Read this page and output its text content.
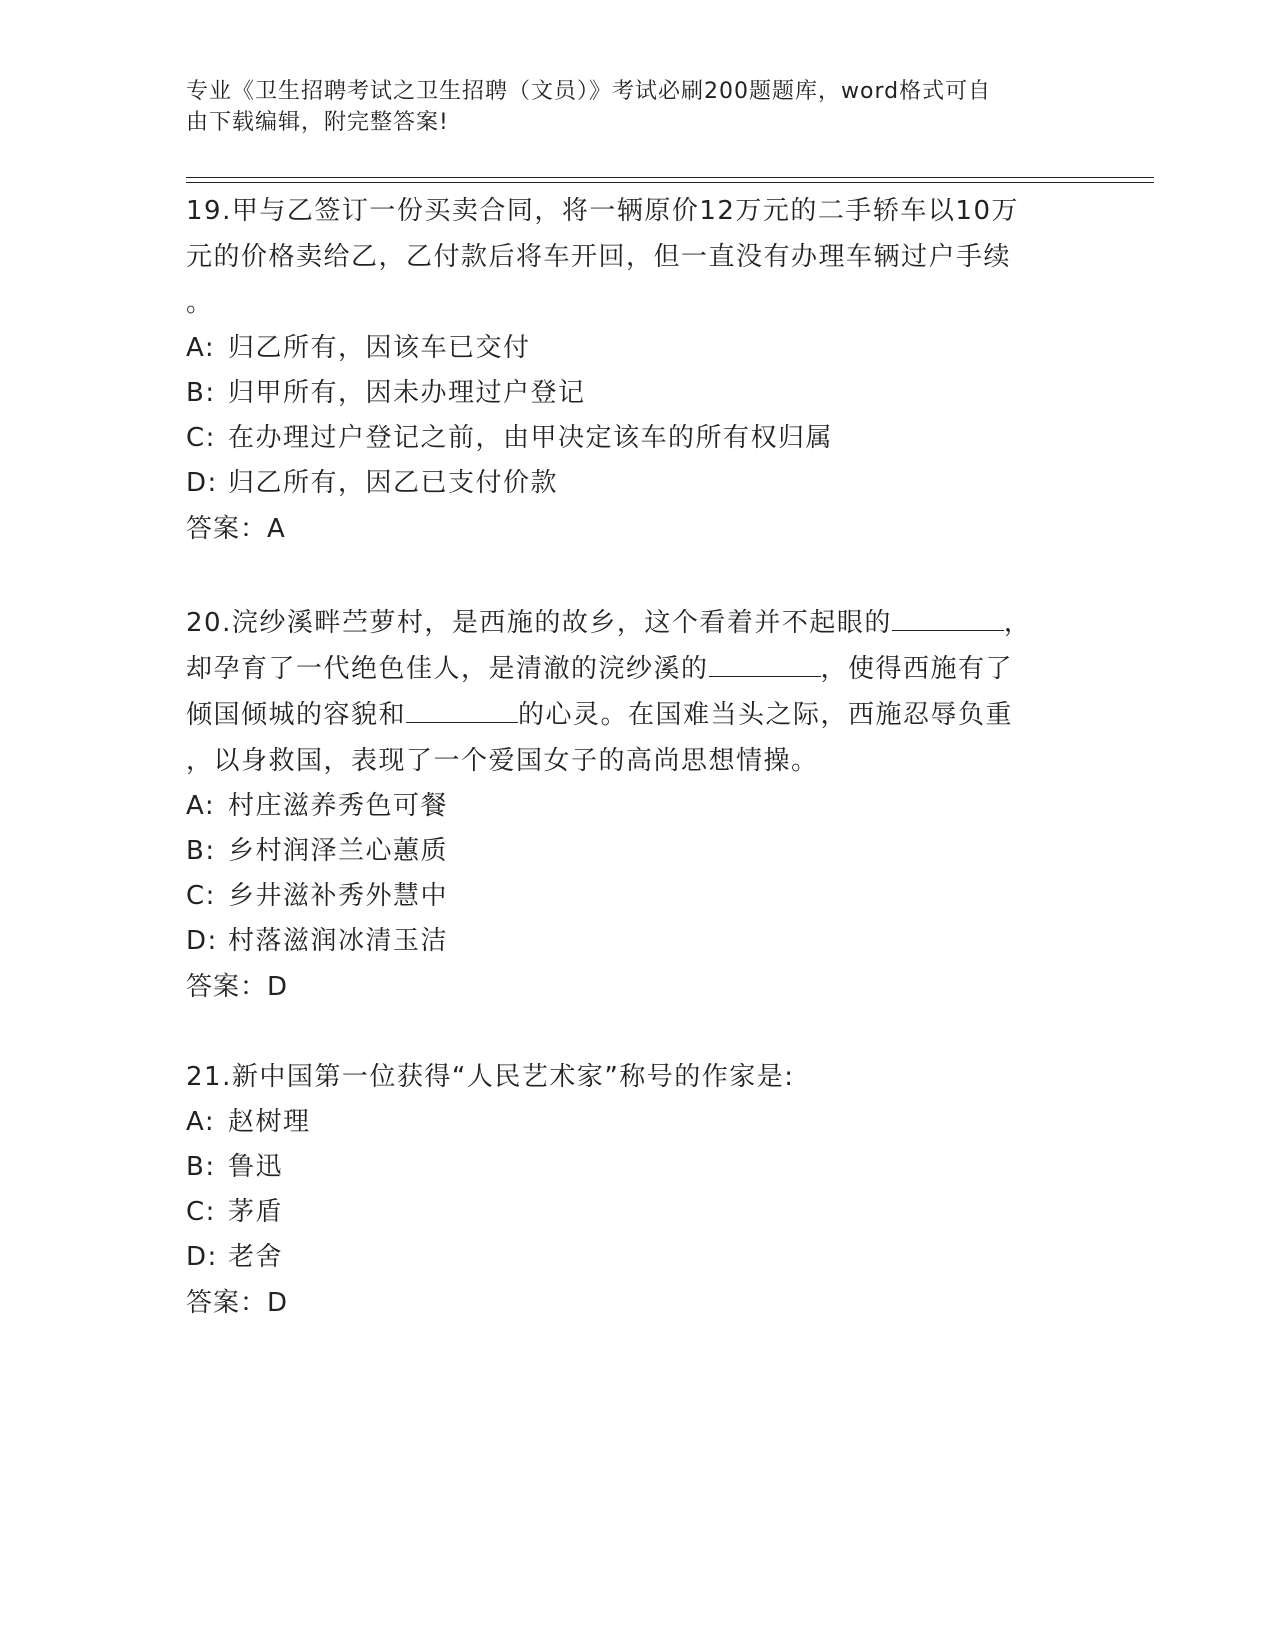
专业《卫生招聘考试之卫生招聘（文员）》考试必刷200题题库，word格式可自
由下载编辑，附完整答案!
19.甲与乙签订一份买卖合同，将一辆原价12万元的二手轿车以10万
元的价格卖给乙，乙付款后将车开回，但一直没有办理车辆过户手续
。
A: 归乙所有，因该车已交付
B: 归甲所有，因未办理过户登记
C: 在办理过户登记之前，由甲决定该车的所有权归属
D: 归乙所有，因乙已支付价款
答案：A
20.浣纱溪畔苎萝村，是西施的故乡，这个看着并不起眼的	，
却孕育了一代绝色佳人，是清澈的浣纱溪的	，使得西施有了
倾国倾城的容貌和	的心灵。在国难当头之际，西施忍辱负重
，以身救国，表现了一个爱国女子的高尚思想情操。
A: 村庄滋养秀色可餐
B: 乡村润泽兰心蕙质
C: 乡井滋补秀外慧中
D: 村落滋润冰清玉洁
答案：D
21.新中国第一位获得“人民艺术家”称号的作家是:
A: 赵树理
B: 鲁迅
C: 茅盾
D: 老舍
答案：D
